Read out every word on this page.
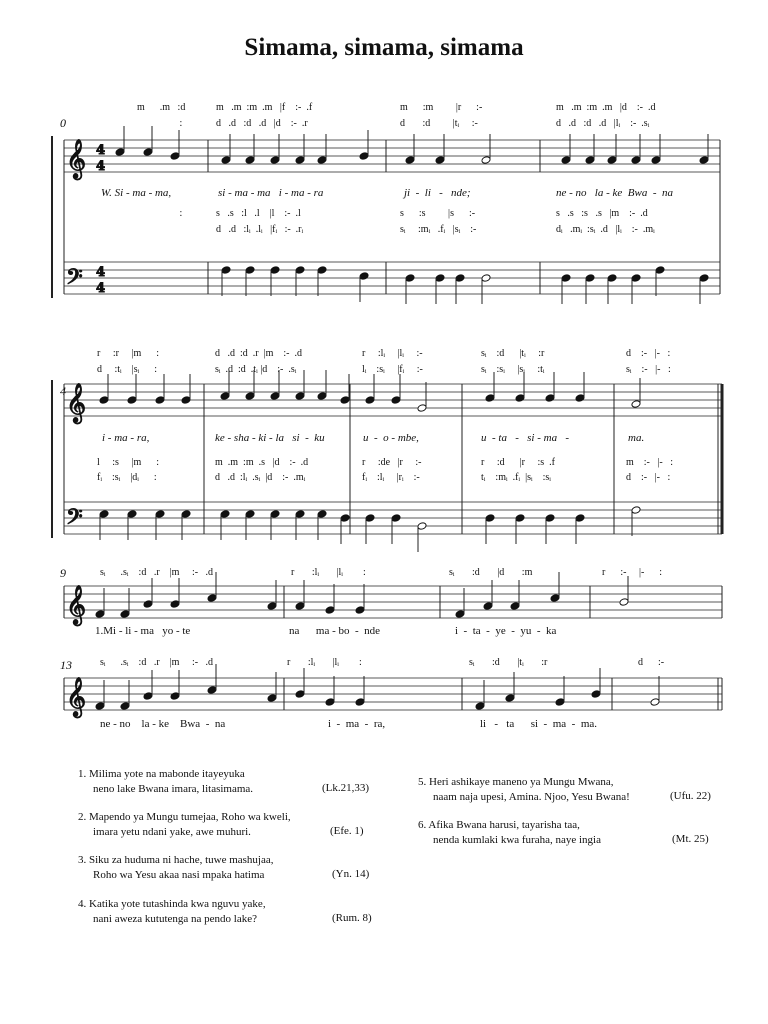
Simama, simama, simama
0
4
9
13
m      .m   :d
:
m   .m  :m  .m   |f    :-  .f
d   .d   :d   .d   |d    :-  .r
m      :m         |r      :-
d       :d         |tᵢ     :-
m   .m  :m  .m   |d    :-  .d
d   .d   :d   .d   |lᵢ    :-  .sᵢ
W. Si - ma - ma,	si - ma - ma   i - ma - ra	ji  -  li   -   nde;	ne - no   la - ke  Bwa  -  na
:	s   .s   :l   .l    |l    :-  .l
d   .d   :lᵢ  .lᵢ   |fᵢ   :-  .rᵢ
s      :s         |s      :-
sᵢ     :mᵢ   .fᵢ   |sᵢ    :-
s   .s   :s   .s   |m    :-  .d
dᵢ   .mᵢ  :sᵢ  .d   |lᵢ    :-  .mᵢ
r     :r     |m      :
d     :tᵢ    |sᵢ      :
d   .d  :d  .r  |m    :-  .d
sᵢ  .d  :d  .tᵢ |d    :-  .sᵢ
r     :lᵢ     |lᵢ     :-
lᵢ    :sᵢ     |fᵢ     :-
sᵢ    :d      |tᵢ     :r
sᵢ    :sᵢ     |sᵢ     :tᵢ
d    :-   |-   :
sᵢ    :-   |-   :
i - ma - ra,	ke - sha - ki - la   si  -  ku	u  -  o - mbe,	u  - ta   -   si - ma   -	ma.
l     :s     |m      :
fᵢ    :sᵢ    |dᵢ      :
m  .m  :m  .s   |d    :-  .d
d   .d  :lᵢ  .sᵢ  |d    :-  .mᵢ
r     :de   |r     :-
fᵢ    :lᵢ     |rᵢ    :-
r     :d      |r     :s  .f
tᵢ    :mᵢ  .fᵢ  |sᵢ    :sᵢ
m    :-   |-   :
d    :-   |-   :
sᵢ      .sᵢ    :d   .r    |m     :-   .d	r       :lᵢ       |lᵢ        :	sᵢ       :d       |d       :m	r      :-     |-      :
1.Mi - li - ma   yo - te	na      ma - bo  -  nde	i  -  ta  -  ye  -  yu  -  ka
sᵢ      .sᵢ    :d   .r    |m     :-   .d	r       :lᵢ       |lᵢ        :	sᵢ       :d       |tᵢ       :r	d      :-
ne - no    la - ke    Bwa  -  na	i  -  ma  -  ra,	li   -   ta      si  -  ma  -  ma.
𝄞
𝄢
4
4
4
4
𝄞
𝄢
𝄞
𝄞
1. Milima yote na mabonde itayeyuka
neno lake Bwana imara, litasimama.	(Lk.21,33)
2. Mapendo ya Mungu tumejaa, Roho wa kweli,
imara yetu ndani yake, awe muhuri.	(Efe. 1)
3. Siku za huduma ni hache, tuwe mashujaa,
Roho wa Yesu akaa nasi mpaka hatima	(Yn. 14)
4. Katika yote tutashinda kwa nguvu yake,
nani aweza kututenga na pendo lake?	(Rum. 8)
5. Heri ashikaye maneno ya Mungu Mwana,
naam naja upesi, Amina. Njoo, Yesu Bwana!	(Ufu. 22)
6. Afika Bwana harusi, tayarisha taa,
nenda kumlaki kwa furaha, naye ingia	(Mt. 25)
